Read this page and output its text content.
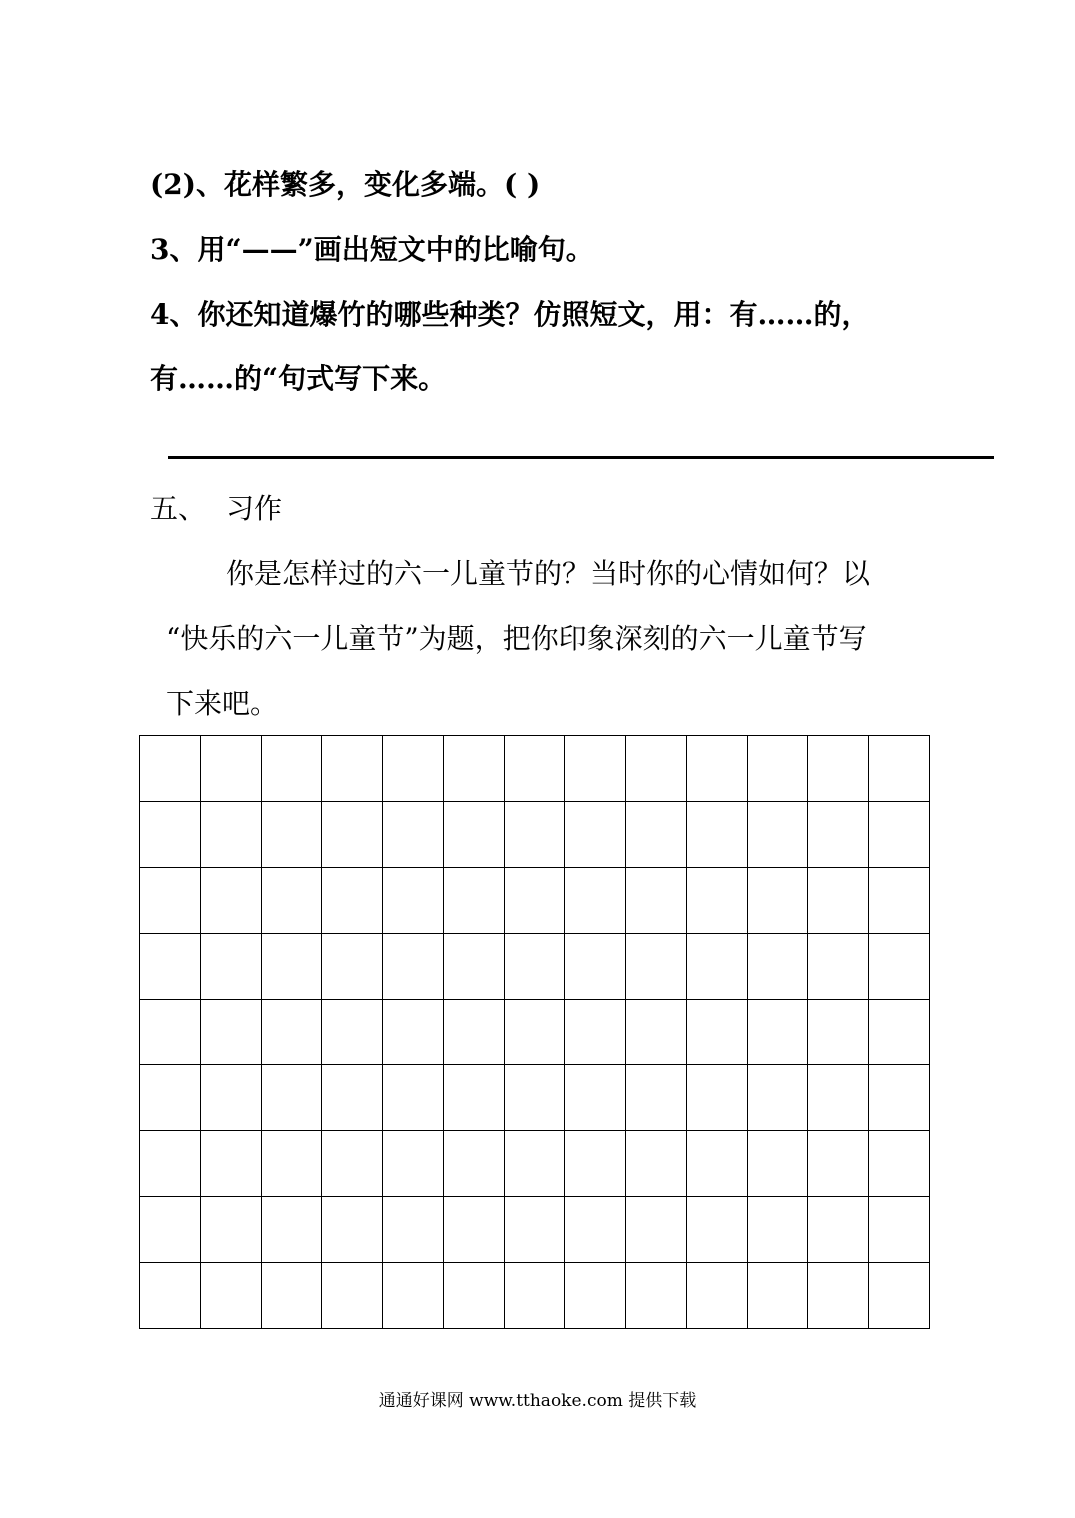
(2)、花样繁多，变化多端。( )
3、用“——”画出短文中的比喻句。
4、你还知道爆竹的哪些种类？仿照短文，用：有……的，
有……的“句式写下来。
五、 习作
你是怎样过的六一儿童节的？当时你的心情如何？以
“快乐的六一儿童节”为题，把你印象深刻的六一儿童节写
下来吧。
通通好课网 www.tthaoke.com 提供下载
